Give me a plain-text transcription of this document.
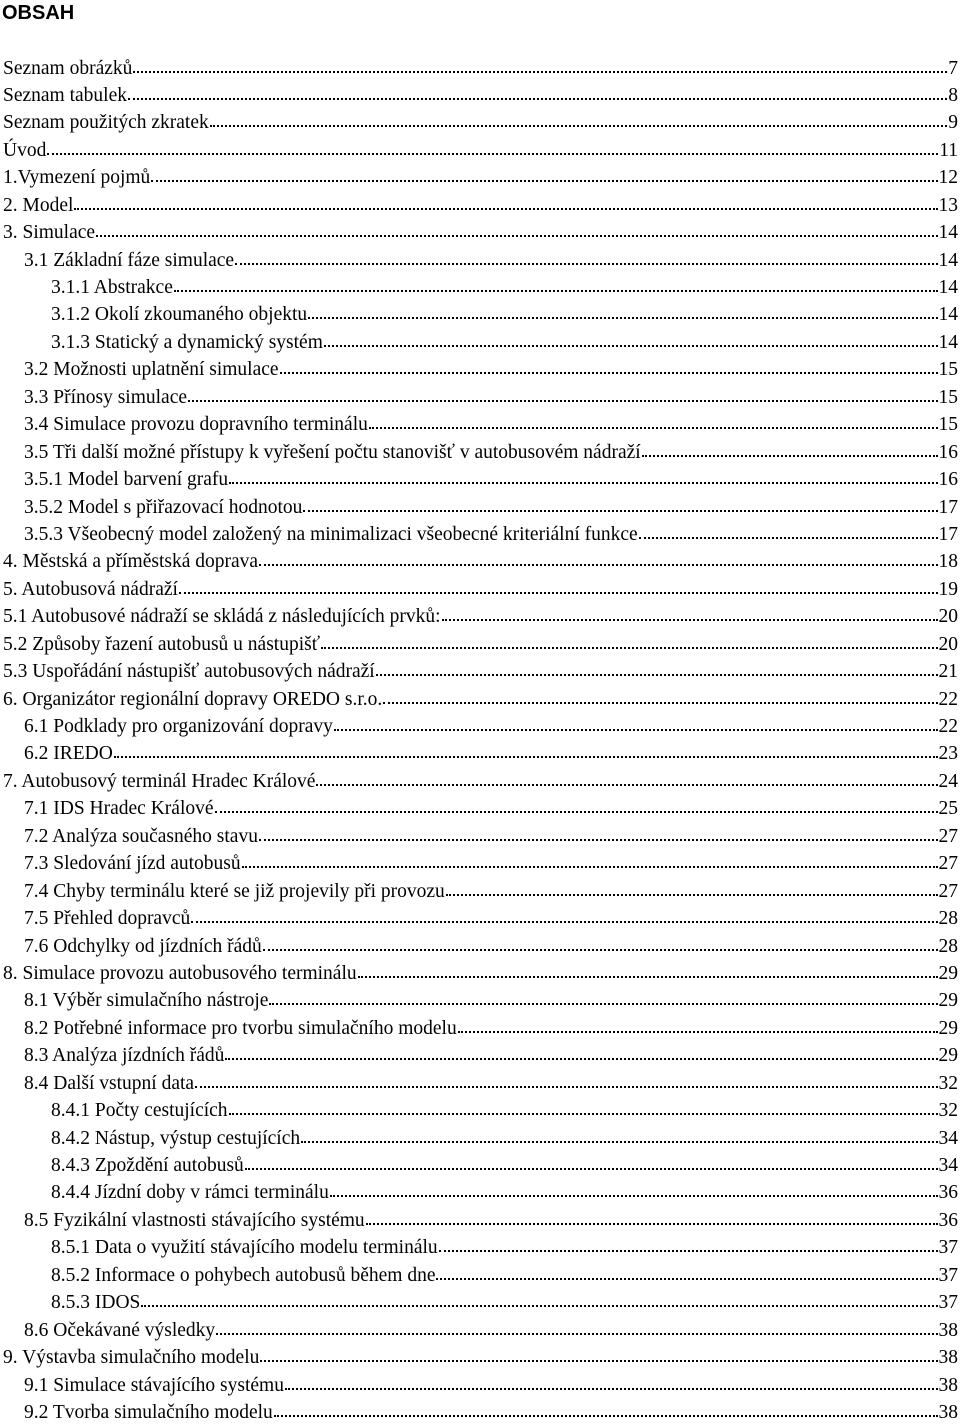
OBSAH
Seznam obrázků	7
Seznam tabulek	8
Seznam použitých zkratek	9
Úvod	11
1.Vymezení pojmů	12
2. Model	13
3. Simulace	14
3.1 Základní fáze simulace	14
3.1.1 Abstrakce	14
3.1.2 Okolí zkoumaného objektu	14
3.1.3 Statický a dynamický systém	14
3.2 Možnosti uplatnění simulace	15
3.3 Přínosy simulace	15
3.4 Simulace provozu dopravního terminálu	15
3.5 Tři další možné přístupy k vyřešení počtu stanovišť v autobusovém nádraží	16
3.5.1 Model barvení grafu	16
3.5.2 Model s přiřazovací hodnotou	17
3.5.3 Všeobecný model založený na minimalizaci všeobecné kriteriální funkce	17
4. Městská a příměstská doprava	18
5. Autobusová nádraží	19
5.1 Autobusové nádraží se skládá z následujících prvků:	20
5.2 Způsoby řazení autobusů u nástupišť	20
5.3 Uspořádání nástupišť autobusových nádraží	21
6. Organizátor regionální dopravy OREDO s.r.o.	22
6.1 Podklady pro organizování dopravy	22
6.2 IREDO	23
7. Autobusový terminál Hradec Králové	24
7.1 IDS Hradec Králové	25
7.2 Analýza současného stavu	27
7.3 Sledování jízd autobusů	27
7.4 Chyby terminálu které se již projevily při provozu	27
7.5 Přehled dopravců	28
7.6 Odchylky od jízdních řádů	28
8. Simulace provozu autobusového terminálu	29
8.1 Výběr simulačního nástroje	29
8.2 Potřebné informace pro tvorbu simulačního modelu	29
8.3 Analýza jízdních řádů	29
8.4 Další vstupní data	32
8.4.1 Počty cestujících	32
8.4.2 Nástup, výstup cestujících	34
8.4.3 Zpoždění autobusů	34
8.4.4 Jízdní doby v rámci terminálu	36
8.5 Fyzikální vlastnosti stávajícího systému	36
8.5.1 Data o využití stávajícího modelu terminálu	37
8.5.2 Informace o pohybech autobusů během dne	37
8.5.3 IDOS	37
8.6 Očekávané výsledky	38
9. Výstavba simulačního modelu	38
9.1 Simulace stávajícího systému	38
9.2 Tvorba simulačního modelu	38
